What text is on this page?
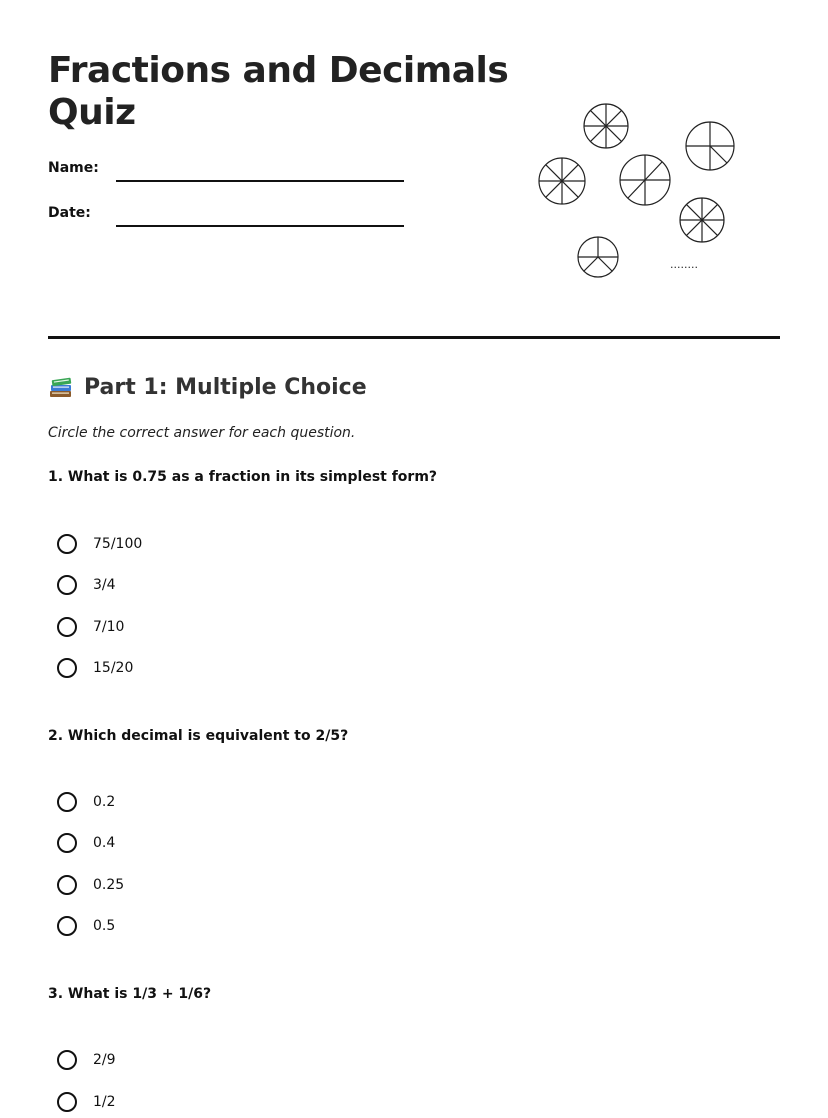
Fractions and Decimals
Quiz
Name:
Date:
........
Part 1: Multiple Choice
Circle the correct answer for each question.
1. What is 0.75 as a fraction in its simplest form?
75/100
3/4
7/10
15/20
2. Which decimal is equivalent to 2/5?
0.2
0.4
0.25
0.5
3. What is 1/3 + 1/6?
2/9
1/2
